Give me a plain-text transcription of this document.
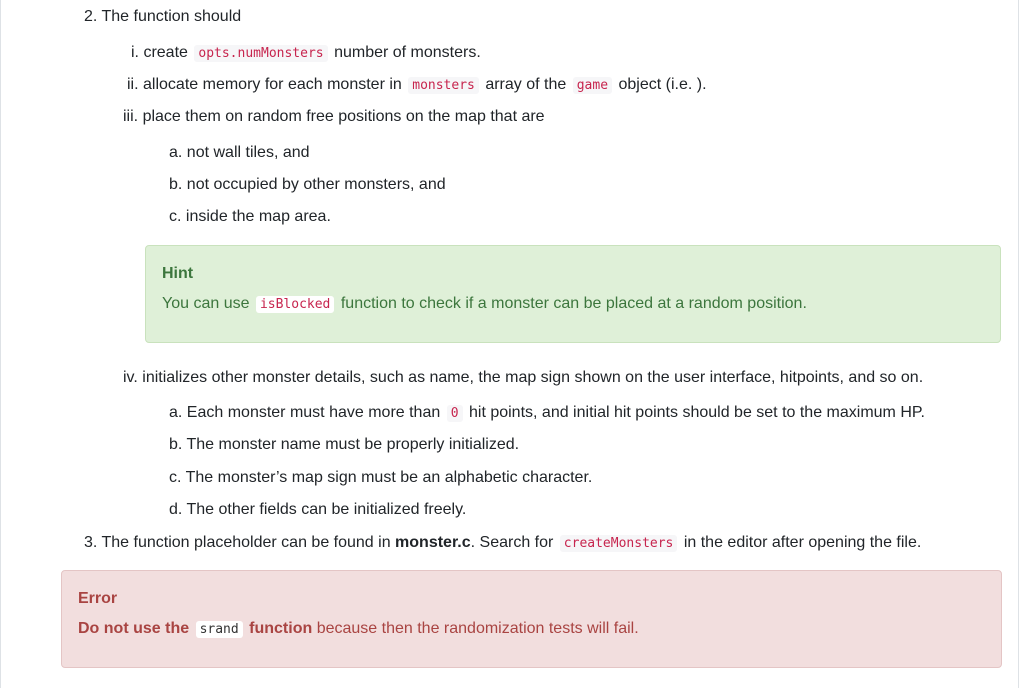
2. The function should
i. create opts.numMonsters number of monsters.
ii. allocate memory for each monster in monsters array of the game object (i.e. ).
iii. place them on random free positions on the map that are
a. not wall tiles, and
b. not occupied by other monsters, and
c. inside the map area.
Hint
You can use isBlocked function to check if a monster can be placed at a random position.
iv. initializes other monster details, such as name, the map sign shown on the user interface, hitpoints, and so on.
a. Each monster must have more than 0 hit points, and initial hit points should be set to the maximum HP.
b. The monster name must be properly initialized.
c. The monster’s map sign must be an alphabetic character.
d. The other fields can be initialized freely.
3. The function placeholder can be found in monster.c. Search for createMonsters in the editor after opening the file.
Error
Do not use the srand function because then the randomization tests will fail.
